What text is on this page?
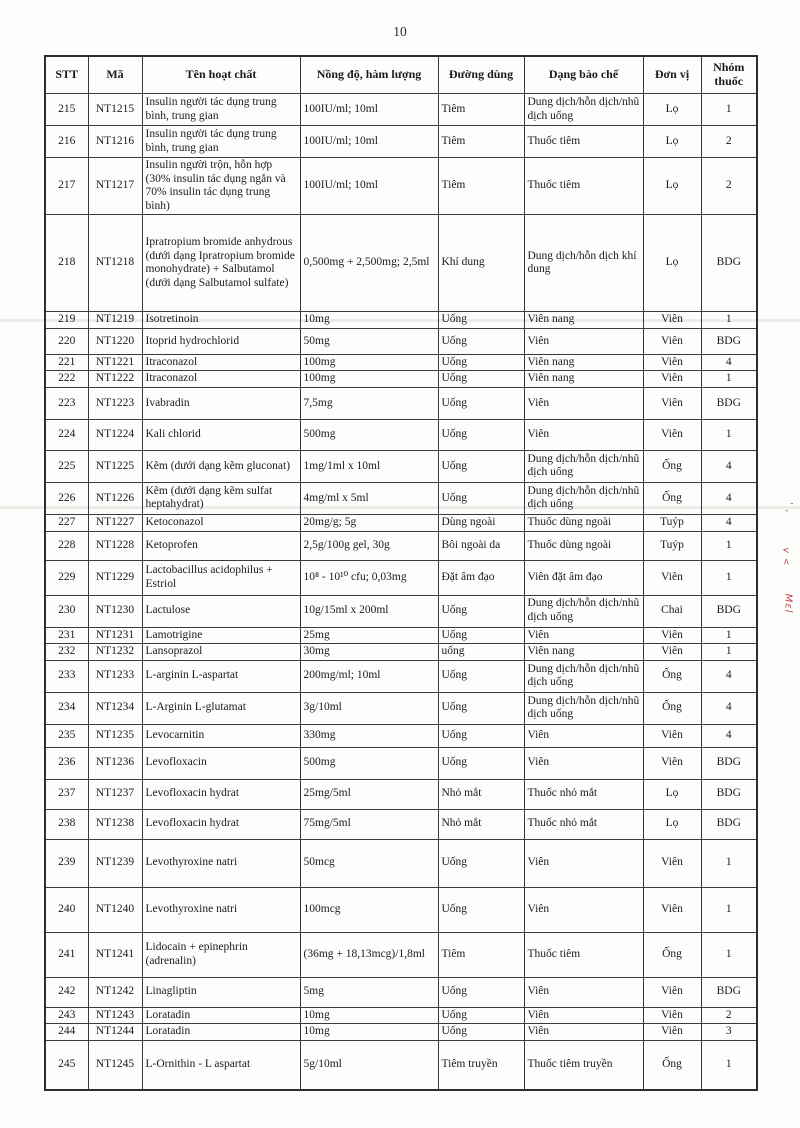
10
STT	Mã	Tên hoạt chất	Nồng độ, hàm lượng	Đường dùng	Dạng bào chế	Đơn vị	Nhóm thuốc
215	NT1215	Insulin người tác dụng trung bình, trung gian	100IU/ml; 10ml	Tiêm	Dung dịch/hỗn dịch/nhũ dịch uống	Lọ	1
216	NT1216	Insulin người tác dụng trung bình, trung gian	100IU/ml; 10ml	Tiêm	Thuốc tiêm	Lọ	2
217	NT1217	Insulin người trộn, hỗn hợp (30% insulin tác dụng ngắn và 70% insulin tác dụng trung bình)	100IU/ml; 10ml	Tiêm	Thuốc tiêm	Lọ	2
218	NT1218	Ipratropium bromide anhydrous (dưới dạng Ipratropium bromide monohydrate) + Salbutamol (dưới dạng Salbutamol sulfate)	0,500mg + 2,500mg; 2,5ml	Khí dung	Dung dịch/hỗn dịch khí dung	Lọ	BDG
219	NT1219	Isotretinoin	10mg	Uống	Viên nang	Viên	1
220	NT1220	Itoprid hydrochlorid	50mg	Uống	Viên	Viên	BDG
221	NT1221	Itraconazol	100mg	Uống	Viên nang	Viên	4
222	NT1222	Itraconazol	100mg	Uống	Viên nang	Viên	1
223	NT1223	Ivabradin	7,5mg	Uống	Viên	Viên	BDG
224	NT1224	Kali chlorid	500mg	Uống	Viên	Viên	1
225	NT1225	Kẽm (dưới dạng kẽm gluconat)	1mg/1ml x 10ml	Uống	Dung dịch/hỗn dịch/nhũ dịch uống	Ống	4
226	NT1226	Kẽm (dưới dạng kẽm sulfat heptahydrat)	4mg/ml x 5ml	Uống	Dung dịch/hỗn dịch/nhũ dịch uống	Ống	4
227	NT1227	Ketoconazol	20mg/g; 5g	Dùng ngoài	Thuốc dùng ngoài	Tuýp	4
228	NT1228	Ketoprofen	2,5g/100g gel, 30g	Bôi ngoài da	Thuốc dùng ngoài	Tuýp	1
229	NT1229	Lactobacillus acidophilus + Estriol	10⁸ - 10¹⁰ cfu; 0,03mg	Đặt âm đạo	Viên đặt âm đạo	Viên	1
230	NT1230	Lactulose	10g/15ml x 200ml	Uống	Dung dịch/hỗn dịch/nhũ dịch uống	Chai	BDG
231	NT1231	Lamotrigine	25mg	Uống	Viên	Viên	1
232	NT1232	Lansoprazol	30mg	uống	Viên nang	Viên	1
233	NT1233	L-arginin L-aspartat	200mg/ml; 10ml	Uống	Dung dịch/hỗn dịch/nhũ dịch uống	Ống	4
234	NT1234	L-Arginin L-glutamat	3g/10ml	Uống	Dung dịch/hỗn dịch/nhũ dịch uống	Ống	4
235	NT1235	Levocarnitin	330mg	Uống	Viên	Viên	4
236	NT1236	Levofloxacin	500mg	Uống	Viên	Viên	BDG
237	NT1237	Levofloxacin hydrat	25mg/5ml	Nhỏ mắt	Thuốc nhỏ mắt	Lọ	BDG
238	NT1238	Levofloxacin hydrat	75mg/5ml	Nhỏ mắt	Thuốc nhỏ mắt	Lọ	BDG
239	NT1239	Levothyroxine natri	50mcg	Uống	Viên	Viên	1
240	NT1240	Levothyroxine natri	100mcg	Uống	Viên	Viên	1
241	NT1241	Lidocain + epinephrin (adrenalin)	(36mg + 18,13mcg)/1,8ml	Tiêm	Thuốc tiêm	Ống	1
242	NT1242	Linagliptin	5mg	Uống	Viên	Viên	BDG
243	NT1243	Loratadin	10mg	Uống	Viên	Viên	2
244	NT1244	Loratadin	10mg	Uống	Viên	Viên	3
245	NT1245	L-Ornithin - L aspartat	5g/10ml	Tiêm truyền	Thuốc tiêm truyền	Ống	1
' ,
v <
Mɛl
